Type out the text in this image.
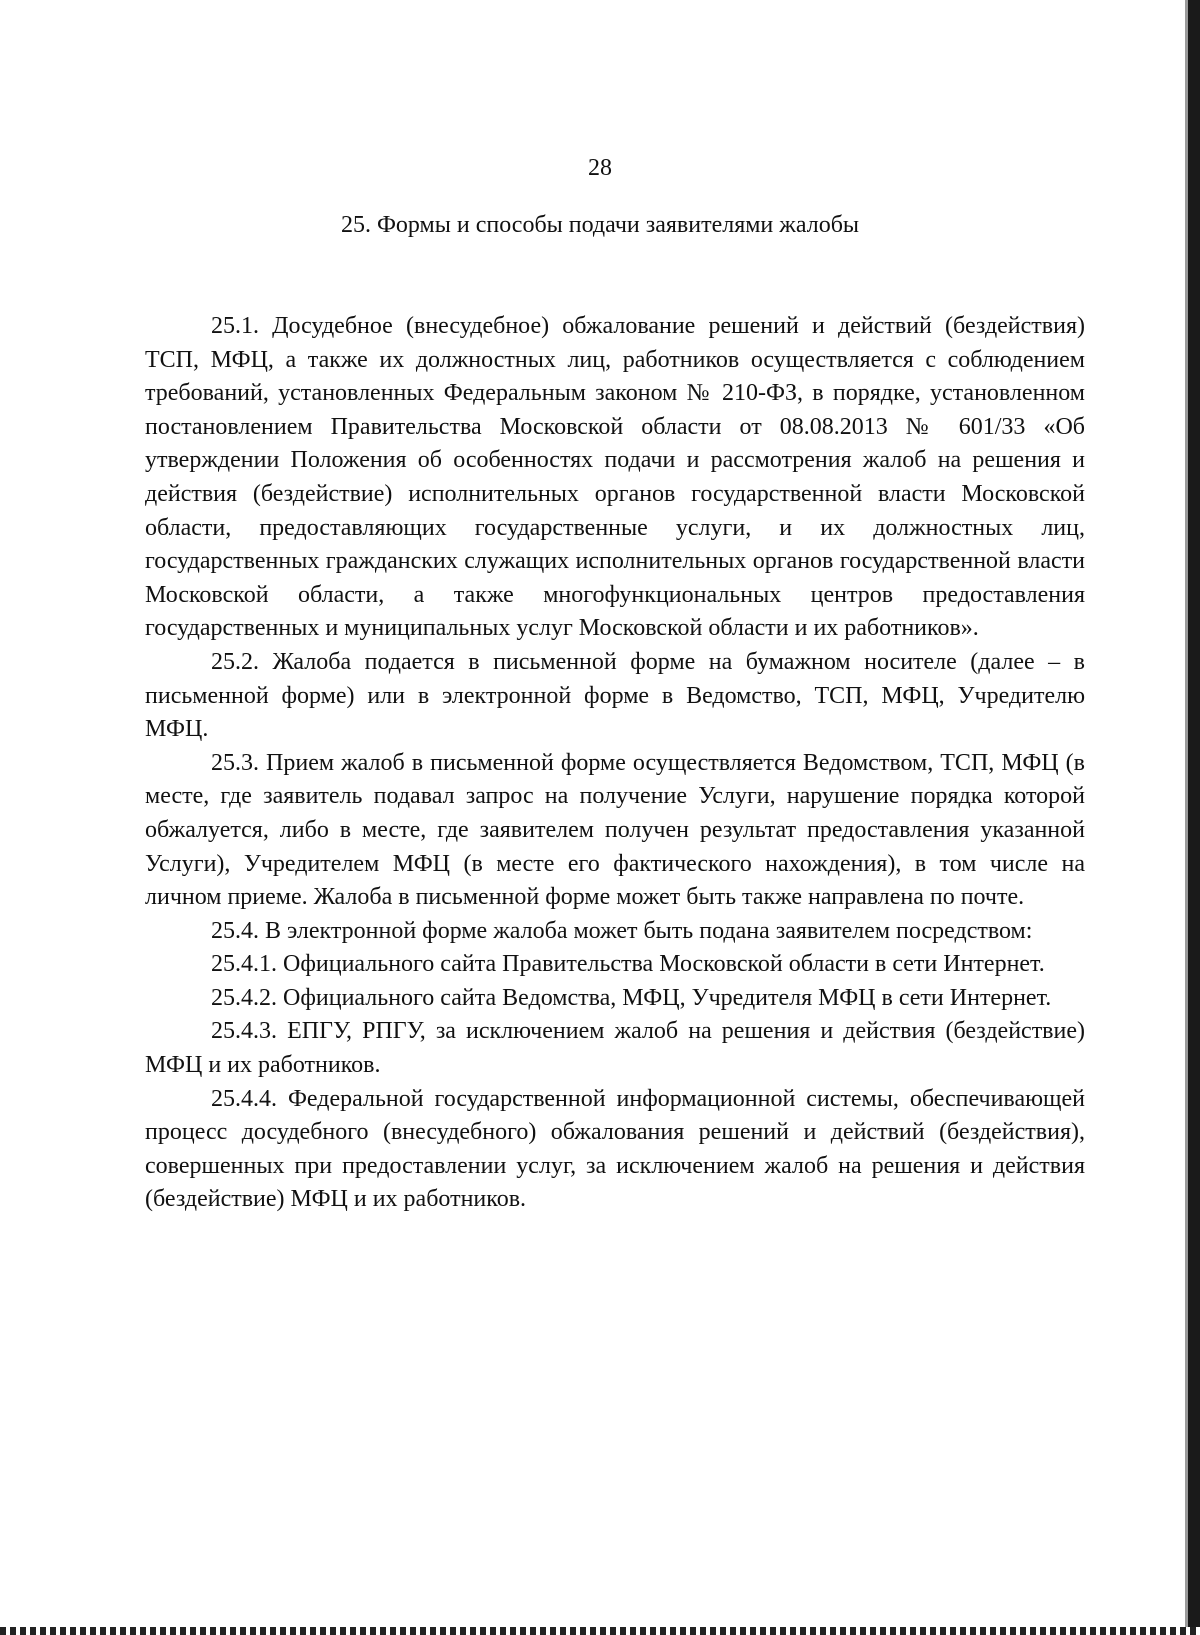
28
25. Формы и способы подачи заявителями жалобы

25.1. Досудебное (внесудебное) обжалование решений и действий (бездействия) ТСП, МФЦ, а также их должностных лиц, работников осуществляется с соблюдением требований, установленных Федеральным законом № 210-ФЗ, в порядке, установленном постановлением Правительства Московской области от 08.08.2013 № 601/33 «Об утверждении Положения об особенностях подачи и рассмотрения жалоб на решения и действия (бездействие) исполнительных органов государственной власти Московской области, предоставляющих государственные услуги, и их должностных лиц, государственных гражданских служащих исполнительных органов государственной власти Московской области, а также многофункциональных центров предоставления государственных и муниципальных услуг Московской области и их работников».

25.2. Жалоба подается в письменной форме на бумажном носителе (далее – в письменной форме) или в электронной форме в Ведомство, ТСП, МФЦ, Учредителю МФЦ.

25.3. Прием жалоб в письменной форме осуществляется Ведомством, ТСП, МФЦ (в месте, где заявитель подавал запрос на получение Услуги, нарушение порядка которой обжалуется, либо в месте, где заявителем получен результат предоставления указанной Услуги), Учредителем МФЦ (в месте его фактического нахождения), в том числе на личном приеме. Жалоба в письменной форме может быть также направлена по почте.

25.4. В электронной форме жалоба может быть подана заявителем посредством:

25.4.1. Официального сайта Правительства Московской области в сети Интернет.

25.4.2. Официального сайта Ведомства, МФЦ, Учредителя МФЦ в сети Интернет.

25.4.3. ЕПГУ, РПГУ, за исключением жалоб на решения и действия (бездействие) МФЦ и их работников.

25.4.4. Федеральной государственной информационной системы, обеспечивающей процесс досудебного (внесудебного) обжалования решений и действий (бездействия), совершенных при предоставлении услуг, за исключением жалоб на решения и действия (бездействие) МФЦ и их работников.
